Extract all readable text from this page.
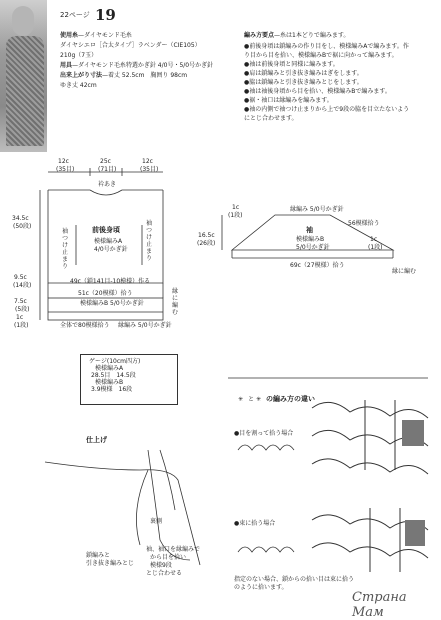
22ページ 19
使用糸—ダイヤモンド毛糸
ダイヤシエロ［合太タイプ］ラベンダー（CIE105）
210g（7玉）
用具—ダイヤモンド毛糸特選かぎ針 4/0号・5/0号かぎ針
出来上がり寸法—着丈 52.5cm　胸囲り 98cm
ゆき丈 42cm
編み方要点—糸は1本どりで編みます。
●前後身頃は鎖編みの作り目をし、模様編みAで編みます。作り目から目を拾い、模様編みBで裾に向かって編みます。
●袖は前後身頃と同様に編みます。
●肩は鎖編みと引き抜き編みはぎをします。
●脇は鎖編みと引き抜き編みとじをします。
●袖は袖後身頃から目を拾い、模様編みBで編みます。
●裾・袖口は縁編みを編みます。
●袖の内側で袖つけ止まりから上で9段の脇を目立たないようにとじ合わせます。
12c
(35目)
25c
(71目)
12c
(35目)
衿あき
34.5c
(50段)
9.5c
(14段)
袖つけ止まり
袖つけ止まり
前後身頃
模様編みA
4/0号かぎ針
49c（鎖141目-10模様）作る
51c（20模様）拾う
模様編みB 5/0号かぎ針
7.5c
(5段)
1c
(1段)	全体で80模様拾う 縁編み 5/0号かぎ針
縁に編む
1c
(1段)
縁編み 5/0号かぎ針
56模様拾う
袖
模様編みB
5/0号かぎ針
16.5c
(26段)
1c
(1段)
69c（27模様）拾う
縁に編む
ゲージ(10cm四方)
模様編みA
28.5目　14.5段
模様編みB
3.9模様　16段
仕上げ
裏側
鎖編みと
引き抜き編みとじ
袖、袖口を縁編みで
から目を拾い
模様9段
とじ合わせる
✳ と ✳ の編み方の違い
●目を割って拾う場合
●束に拾う場合
指定のない場合、鎖からの拾い目は束に拾う
のように拾います。
Страна Мам
